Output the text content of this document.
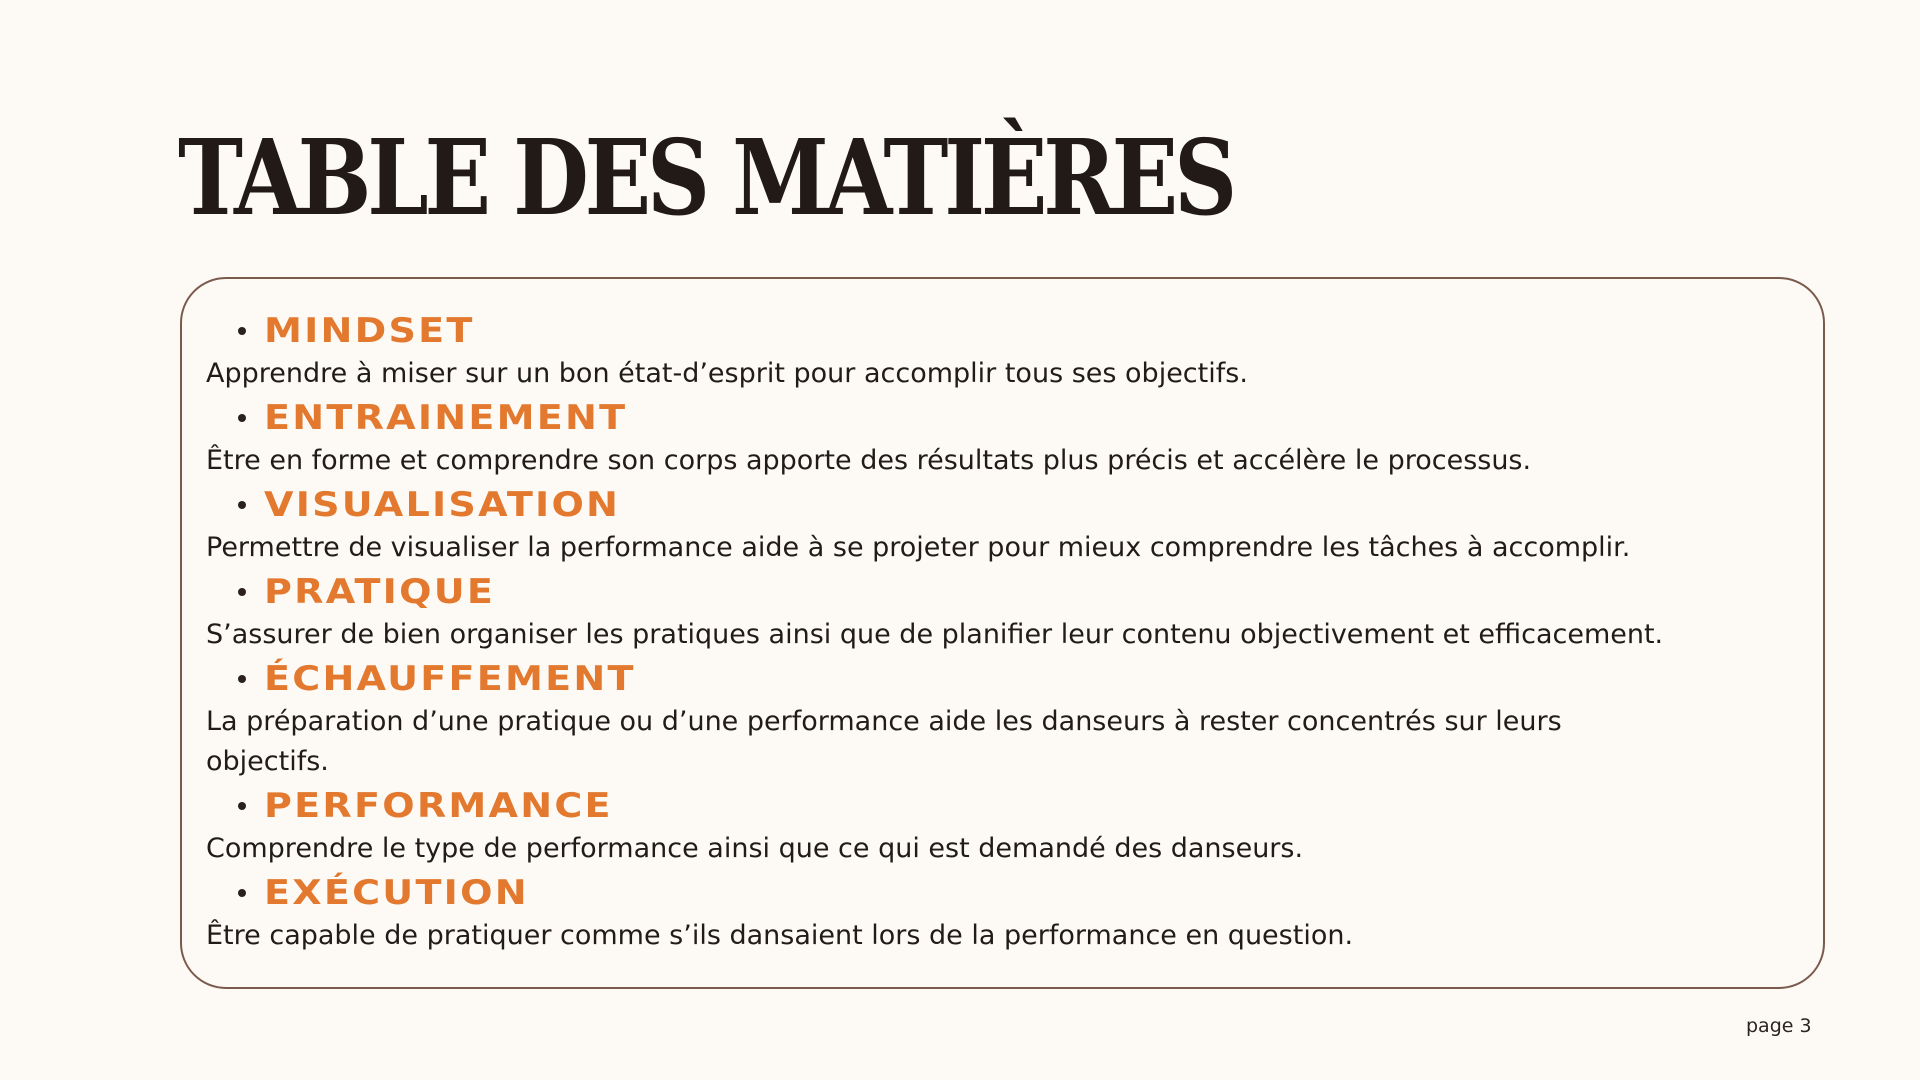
TABLE DES MATIÈRES
MINDSET

Apprendre à miser sur un bon état-d’esprit pour accomplir tous ses objectifs.

ENTRAINEMENT

Être en forme et comprendre son corps apporte des résultats plus précis et accélère le processus.

VISUALISATION

Permettre de visualiser la performance aide à se projeter pour mieux comprendre les tâches à accomplir.

PRATIQUE

S’assurer de bien organiser les pratiques ainsi que de planifier leur contenu objectivement et efficacement.

ÉCHAUFFEMENT

La préparation d’une pratique ou d’une performance aide les danseurs à rester concentrés sur leurs objectifs.

PERFORMANCE

Comprendre le type de performance ainsi que ce qui est demandé des danseurs.

EXÉCUTION

Être capable de pratiquer comme s’ils dansaient lors de la performance en question.

page 3
